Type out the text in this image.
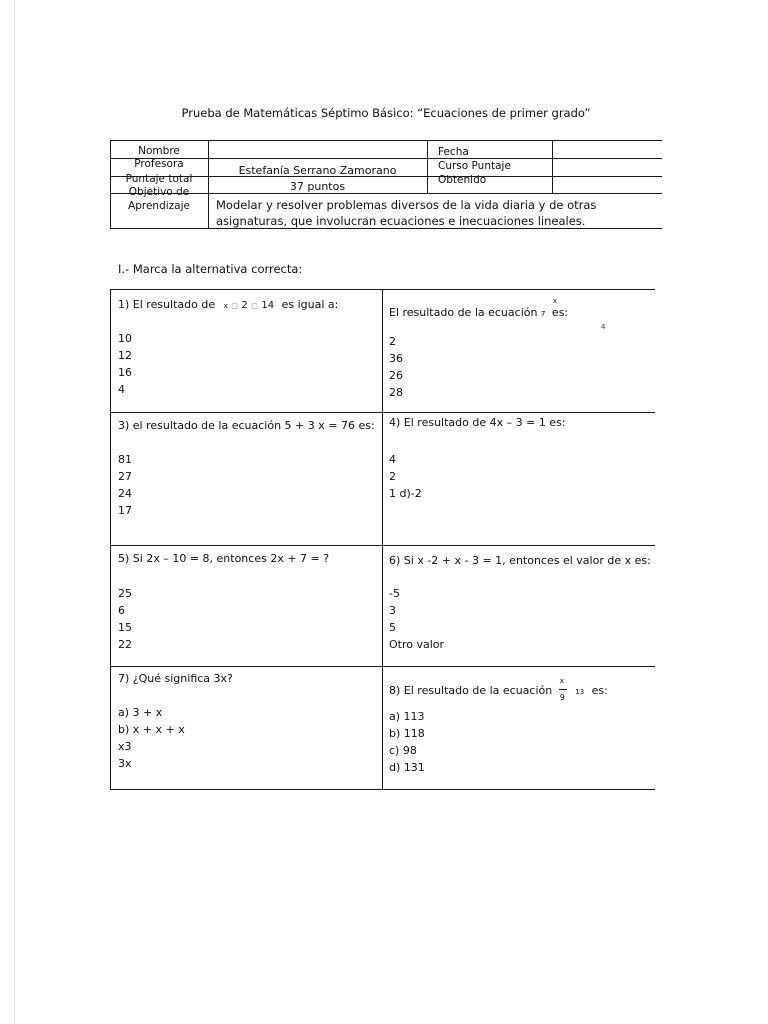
Prueba de Matemáticas Séptimo Básico: “Ecuaciones de primer grado”
Nombre
Profesora	Estefanía Serrano Zamorano
Puntaje total
37 puntos
Objetivo de
Aprendizaje
Fecha
Curso Puntaje
Obtenido
Modelar y resolver problemas diversos de la vida diaria y de otras asignaturas, que involucran ecuaciones e inecuaciones lineales.
I.- Marca la alternativa correcta:
1) El resultado de x □ 2 □ 14 es igual a:
10
12
16
4
El resultado de la ecuación 7
x
es:
4
2
36
26
28
3) el resultado de la ecuación 5 + 3 x = 76 es:
81
27
24
17
4) El resultado de 4x – 3 = 1 es:
4
2
1 d)-2
5) Si 2x – 10 = 8, entonces 2x + 7 = ?
25
6
15
22
6) Si x -2 + x - 3 = 1, entonces el valor de x es:
-5
3
5
Otro valor
7) ¿Qué significa 3x?
a) 3 + x
b) x + x + x
x3
3x
8) El resultado de la ecuación $\frac{x}{9} 13$ es:
a) 113
b) 118
c) 98
d) 131
